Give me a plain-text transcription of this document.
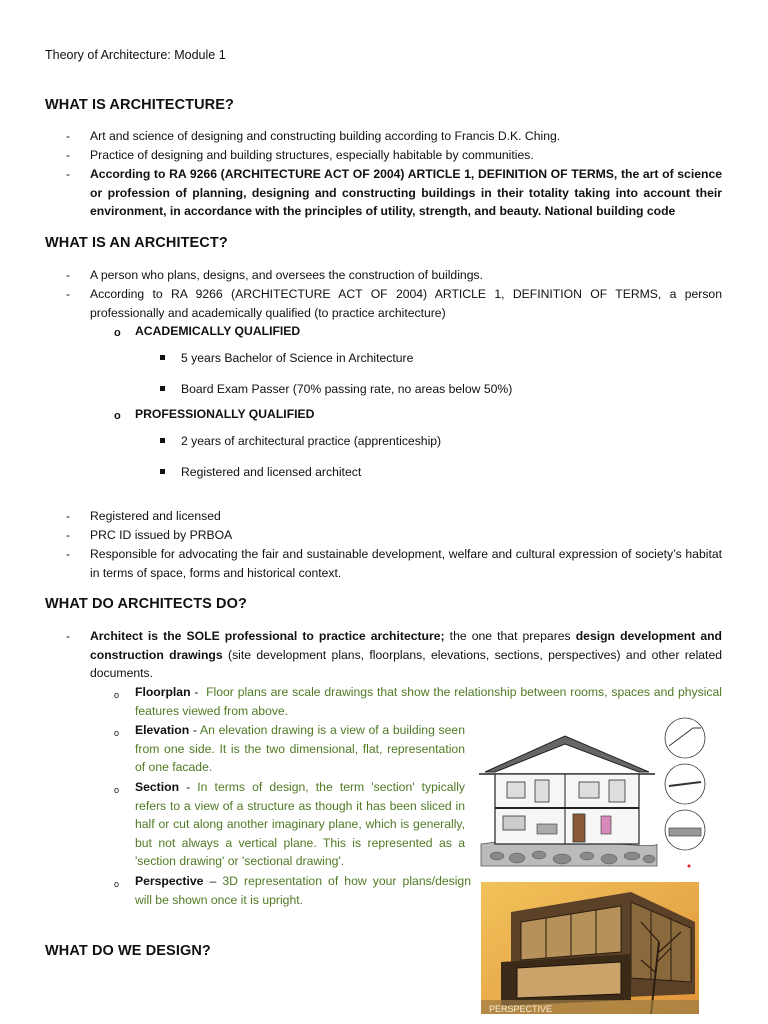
Theory of Architecture: Module 1
WHAT IS ARCHITECTURE?
- Art and science of designing and constructing building according to Francis D.K. Ching.
- Practice of designing and building structures, especially habitable by communities.
- According to RA 9266 (ARCHITECTURE ACT OF 2004) ARTICLE 1, DEFINITION OF TERMS, the art of science or profession of planning, designing and constructing buildings in their totality taking into account their environment, in accordance with the principles of utility, strength, and beauty. National building code
WHAT IS AN ARCHITECT?
- A person who plans, designs, and oversees the construction of buildings.
- According to RA 9266 (ARCHITECTURE ACT OF 2004) ARTICLE 1, DEFINITION OF TERMS, a person professionally and academically qualified (to practice architecture)
o ACADEMICALLY QUALIFIED
5 years Bachelor of Science in Architecture
Board Exam Passer (70% passing rate, no areas below 50%)
o PROFESSIONALLY QUALIFIED
2 years of architectural practice (apprenticeship)
Registered and licensed architect
- Registered and licensed
- PRC ID issued by PRBOA
- Responsible for advocating the fair and sustainable development, welfare and cultural expression of society’s habitat in terms of space, forms and historical context.
WHAT DO ARCHITECTS DO?
- Architect is the SOLE professional to practice architecture; the one that prepares design development and construction drawings (site development plans, floorplans, elevations, sections, perspectives) and other related documents.
o Floorplan -  Floor plans are scale drawings that show the relationship between rooms, spaces and physical features viewed from above.
o Elevation - An elevation drawing is a view of a building seen from one side. It is the two dimensional, flat, representation of one facade.
o Section - In terms of design, the term 'section' typically refers to a view of a structure as though it has been sliced in half or cut along another imaginary plane, which is generally, but not always a vertical plane. This is represented as a 'section drawing' or 'sectional drawing'.
o Perspective – 3D representation of how your plans/design will be shown once it is upright.
WHAT DO WE DESIGN?
PERSPECTIVE
